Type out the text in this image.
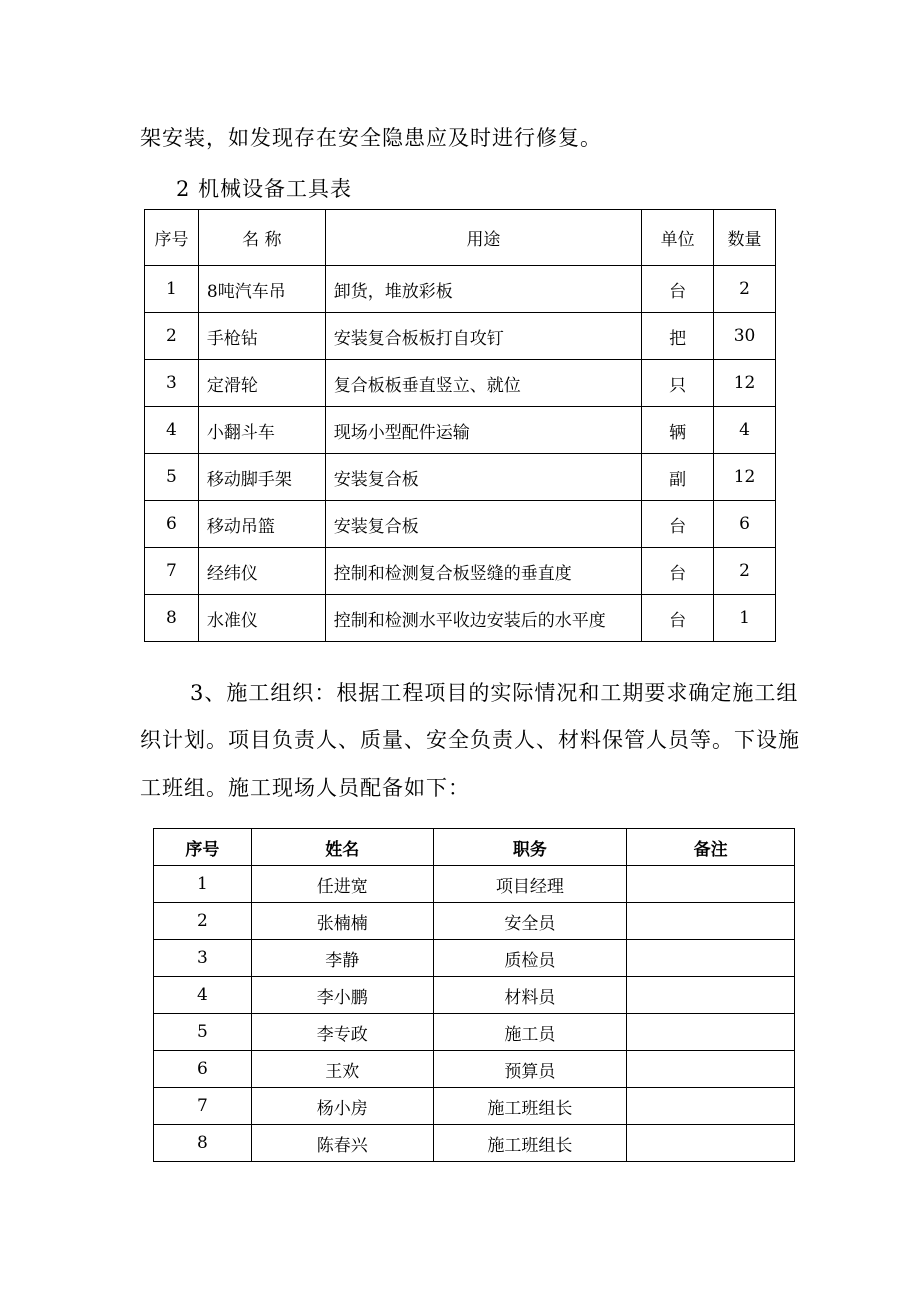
架安装，如发现存在安全隐患应及时进行修复。
2 机械设备工具表
序号	名 称	用途	单位	数量
1	8吨汽车吊	卸货，堆放彩板	台	2
2	手枪钻	安装复合板板打自攻钉	把	30
3	定滑轮	复合板板垂直竖立、就位	只	12
4	小翻斗车	现场小型配件运输	辆	4
5	移动脚手架	安装复合板	副	12
6	移动吊篮	安装复合板	台	6
7	经纬仪	控制和检测复合板竖缝的垂直度	台	2
8	水准仪	控制和检测水平收边安装后的水平度	台	1
3、施工组织：根据工程项目的实际情况和工期要求确定施工组
织计划。项目负责人、质量、安全负责人、材料保管人员等。下设施
工班组。施工现场人员配备如下：
序号	姓名	职务	备注
1	任进宽	项目经理	
2	张楠楠	安全员	
3	李静	质检员	
4	李小鹏	材料员	
5	李专政	施工员	
6	王欢	预算员	
7	杨小房	施工班组长	
8	陈春兴	施工班组长	
